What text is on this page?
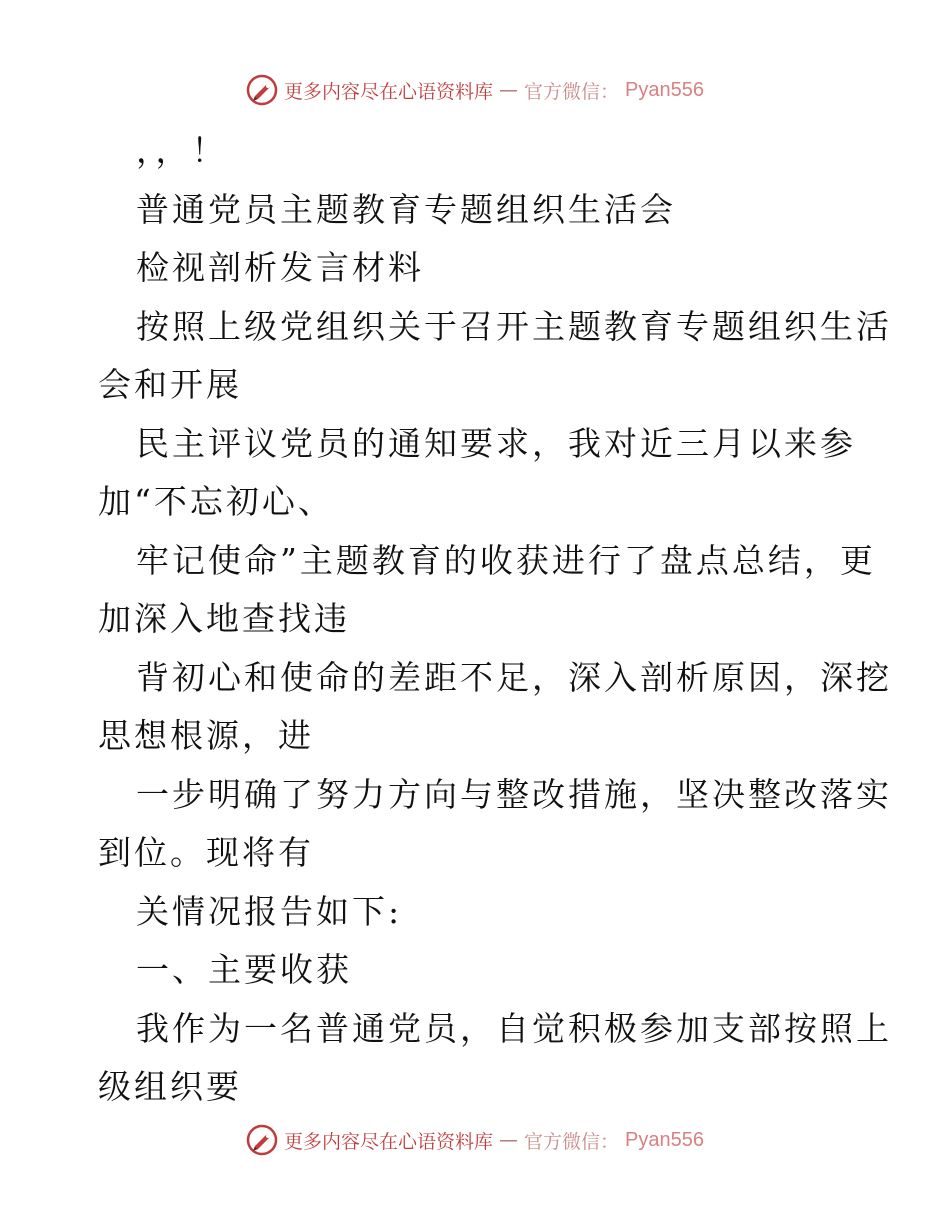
更多内容尽在心语资料库 — 官方微信： Pyan556
，，！
普通党员主题教育专题组织生活会
检视剖析发言材料
按照上级党组织关于召开主题教育专题组织生活
会和开展
民主评议党员的通知要求，我对近三月以来参
加“不忘初心、
牢记使命”主题教育的收获进行了盘点总结，更
加深入地查找违
背初心和使命的差距不足，深入剖析原因，深挖
思想根源，进
一步明确了努力方向与整改措施，坚决整改落实
到位。现将有
关情况报告如下:
一、主要收获
我作为一名普通党员，自觉积极参加支部按照上
级组织要
更多内容尽在心语资料库 — 官方微信： Pyan556
